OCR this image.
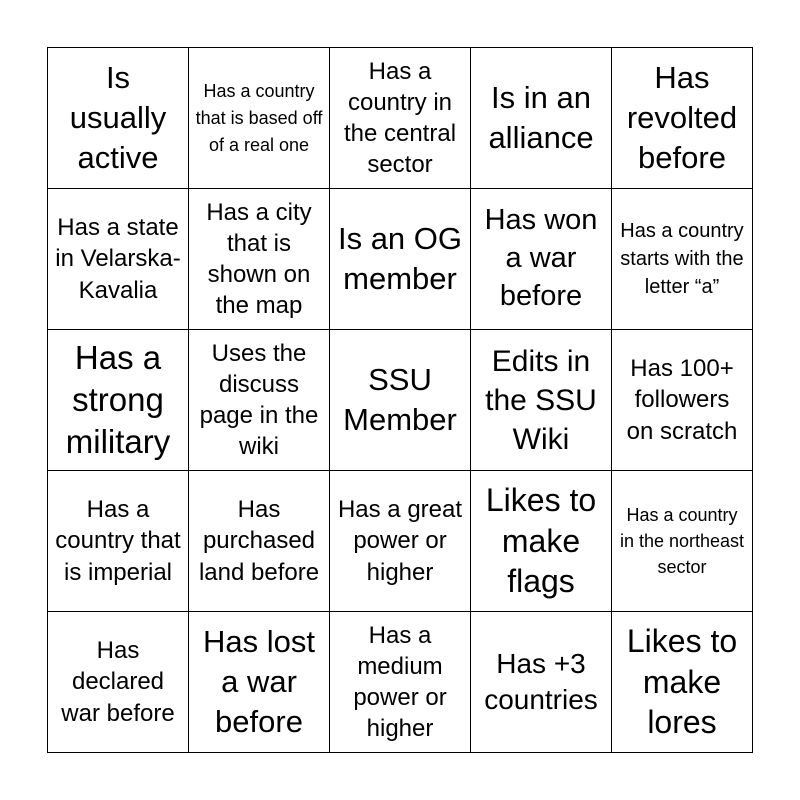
Is usually active
Has a country that is based off of a real one
Has a country in the central sector
Is in an alliance
Has revolted before
Has a state in Velarska-Kavalia
Has a city that is shown on the map
Is an OG member
Has won a war before
Has a country starts with the letter “a”
Has a strong military
Uses the discuss page in the wiki
SSU Member
Edits in the SSU Wiki
Has 100+ followers on scratch
Has a country that is imperial
Has purchased land before
Has a great power or higher
Likes to make flags
Has a country in the northeast sector
Has declared war before
Has lost a war before
Has a medium power or higher
Has +3 countries
Likes to make lores
